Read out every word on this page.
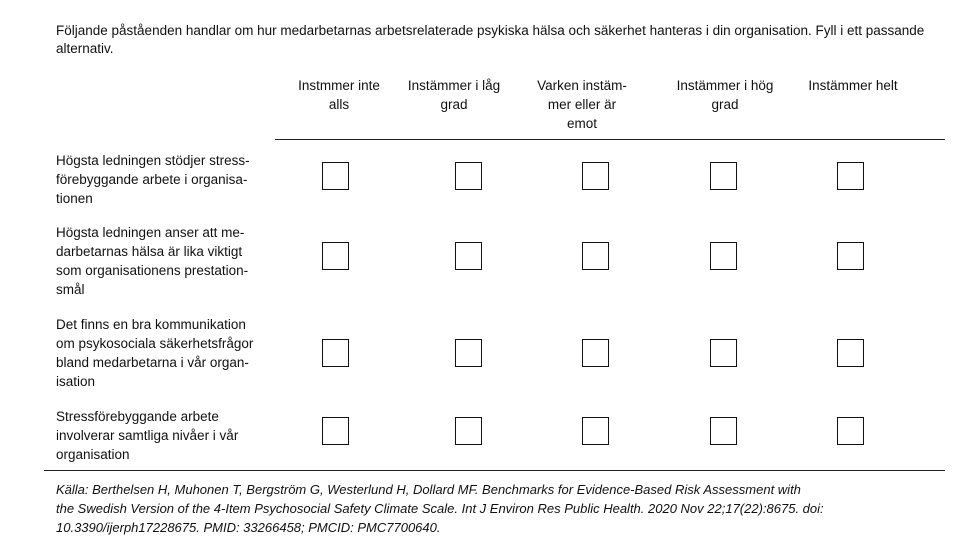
Följande påståenden handlar om hur medarbetarnas arbetsrelaterade psykiska hälsa och säkerhet hanteras i din organisation. Fyll i ett passande alternativ.
Instmmer inte
alls
Instämmer i låg
grad
Varken instäm-
mer eller är
emot
Instämmer i hög
grad
Instämmer helt
Högsta ledningen stödjer stress-
förebyggande arbete i organisa-
tionen
Högsta ledningen anser att me-
darbetarnas hälsa är lika viktigt
som organisationens prestation-
smål
Det finns en bra kommunikation
om psykosociala säkerhetsfrågor
bland medarbetarna i vår organ-
isation
Stressförebyggande arbete
involverar samtliga nivåer i vår
organisation
Källa: Berthelsen H, Muhonen T, Bergström G, Westerlund H, Dollard MF. Benchmarks for Evidence-Based Risk Assessment with
the Swedish Version of the 4-Item Psychosocial Safety Climate Scale. Int J Environ Res Public Health. 2020 Nov 22;17(22):8675. doi:
10.3390/ijerph17228675. PMID: 33266458; PMCID: PMC7700640.
